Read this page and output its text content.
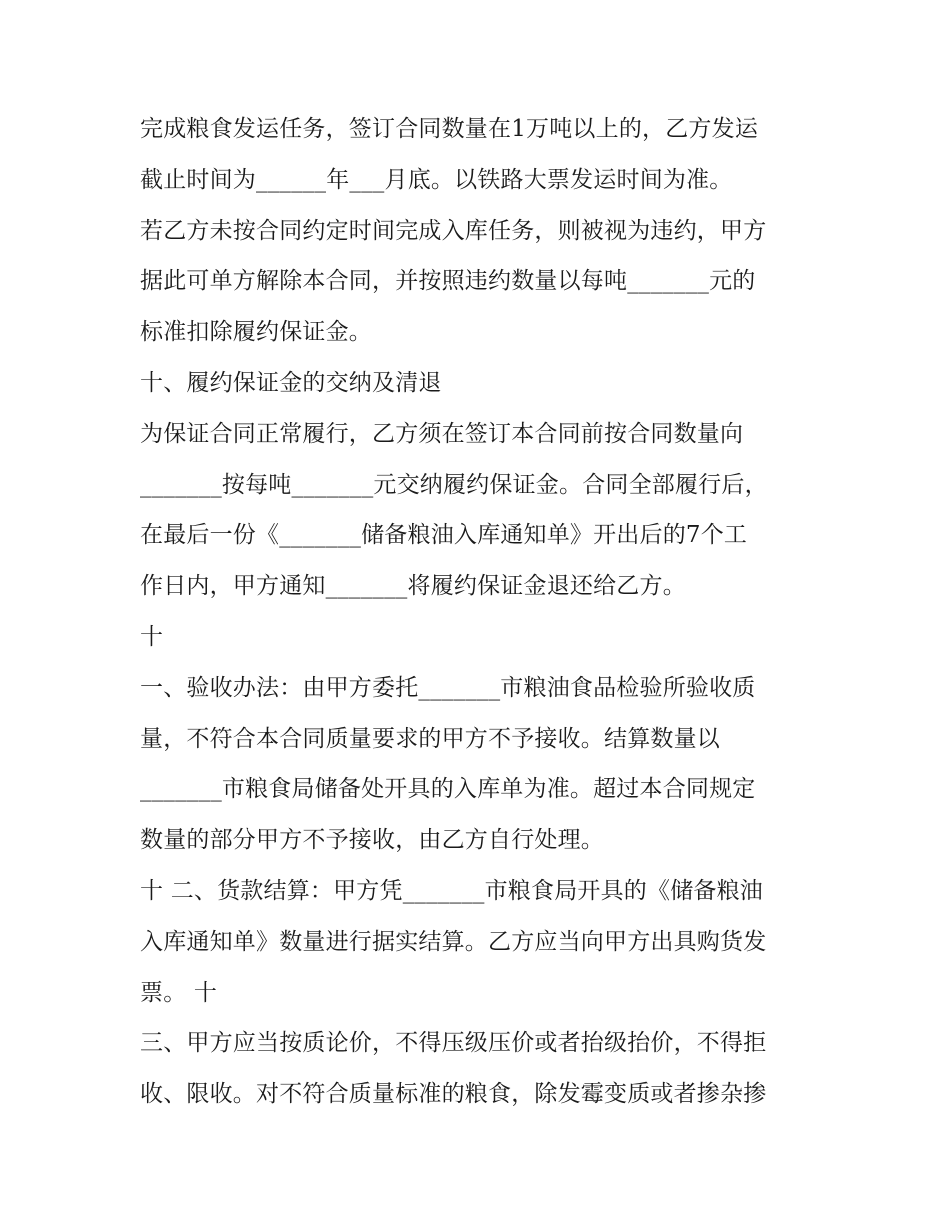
完成粮食发运任务，签订合同数量在1万吨以上的，乙方发运
截止时间为______年___月底。以铁路大票发运时间为准。
若乙方未按合同约定时间完成入库任务，则被视为违约，甲方
据此可单方解除本合同，并按照违约数量以每吨_______元的
标准扣除履约保证金。
十、履约保证金的交纳及清退
为保证合同正常履行，乙方须在签订本合同前按合同数量向
_______按每吨_______元交纳履约保证金。合同全部履行后，
在最后一份《_______储备粮油入库通知单》开出后的7个工
作日内，甲方通知_______将履约保证金退还给乙方。
十
一、验收办法：由甲方委托_______市粮油食品检验所验收质
量，不符合本合同质量要求的甲方不予接收。结算数量以
_______市粮食局储备处开具的入库单为准。超过本合同规定
数量的部分甲方不予接收，由乙方自行处理。
十 二、货款结算：甲方凭_______市粮食局开具的《储备粮油
入库通知单》数量进行据实结算。乙方应当向甲方出具购货发
票。 十
三、甲方应当按质论价，不得压级压价或者抬级抬价，不得拒
收、限收。对不符合质量标准的粮食，除发霉变质或者掺杂掺
